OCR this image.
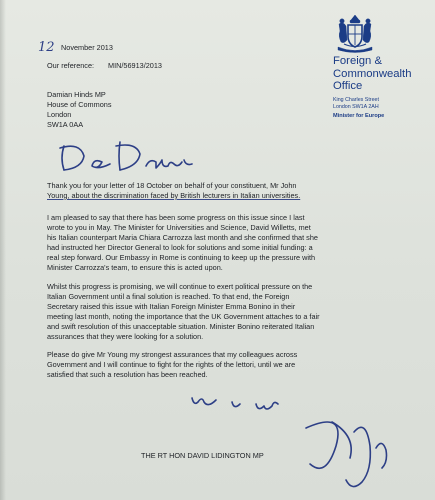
Foreign &
Commonwealth
Office
King Charles Street
London SW1A 2AH
Minister for Europe
12 November 2013
Our reference: MIN/56913/2013
Damian Hinds MP
House of Commons
London
SW1A 0AA
Thank you for your letter of 18 October on behalf of your constituent, Mr John
Young, about the discrimination faced by British lecturers in Italian universities.
I am pleased to say that there has been some progress on this issue since I last
wrote to you in May. The Minister for Universities and Science, David Willetts, met
his Italian counterpart Maria Chiara Carrozza last month and she confirmed that she
had instructed her Director General to look for solutions and some initial funding: a
real step forward. Our Embassy in Rome is continuing to keep up the pressure with
Minister Carrozza's team, to ensure this is acted upon.
Whilst this progress is promising, we will continue to exert political pressure on the
Italian Government until a final solution is reached. To that end, the Foreign
Secretary raised this issue with Italian Foreign Minister Emma Bonino in their
meeting last month, noting the importance that the UK Government attaches to a fair
and swift resolution of this unacceptable situation. Minister Bonino reiterated Italian
assurances that they were looking for a solution.
Please do give Mr Young my strongest assurances that my colleagues across
Government and I will continue to fight for the rights of the lettori, until we are
satisfied that such a resolution has been reached.
THE RT HON DAVID LIDINGTON MP
